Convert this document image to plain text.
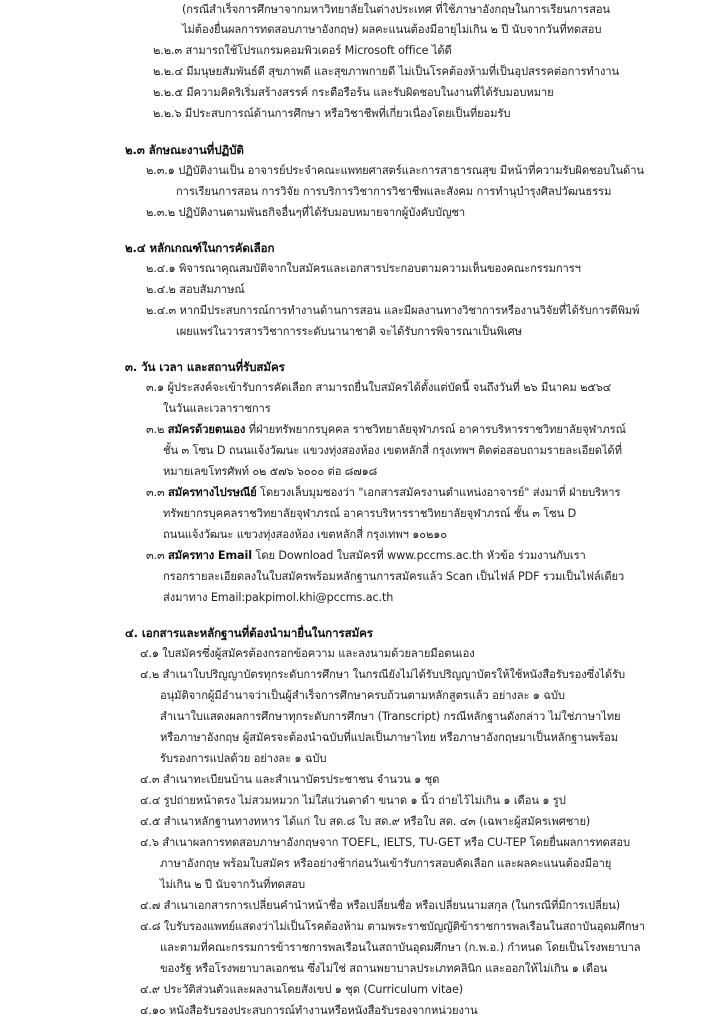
(กรณีสำเร็จการศึกษาจากมหาวิทยาลัยในต่างประเทศ ที่ใช้ภาษาอังกฤษในการเรียนการสอน
ไม่ต้องยื่นผลการทดสอบภาษาอังกฤษ) ผลคะแนนต้องมีอายุไม่เกิน ๒ ปี นับจากวันที่ทดสอบ
๒.๒.๓ สามารถใช้โปรแกรมคอมพิวเตอร์ Microsoft office ได้ดี
๒.๒.๔ มีมนุษยสัมพันธ์ดี สุขภาพดี และสุขภาพกายดี ไม่เป็นโรคต้องห้ามที่เป็นอุปสรรคต่อการทำงาน
๒.๒.๕ มีความคิดริเริ่มสร้างสรรค์ กระตือรือร้น และรับผิดชอบในงานที่ได้รับมอบหมาย
๒.๒.๖ มีประสบการณ์ด้านการศึกษา หรือวิชาชีพที่เกี่ยวเนื่องโดยเป็นที่ยอมรับ
๒.๓ ลักษณะงานที่ปฏิบัติ
๒.๓.๑ ปฏิบัติงานเป็น อาจารย์ประจำคณะแพทยศาสตร์และการสาธารณสุข มีหน้าที่ความรับผิดชอบในด้าน
การเรียนการสอน การวิจัย การบริการวิชาการวิชาชีพและสังคม การทำนุบำรุงศิลปวัฒนธรรม
๒.๓.๒ ปฏิบัติงานตามพันธกิจอื่นๆที่ได้รับมอบหมายจากผู้บังคับบัญชา
๒.๔ หลักเกณฑ์ในการคัดเลือก
๒.๔.๑ พิจารณาคุณสมบัติจากใบสมัครและเอกสารประกอบตามความเห็นของคณะกรรมการฯ
๒.๔.๒ สอบสัมภาษณ์
๒.๔.๓ หากมีประสบการณ์การทำงานด้านการสอน และมีผลงานทางวิชาการหรืองานวิจัยที่ได้รับการตีพิมพ์
เผยแพร่ในวารสารวิชาการระดับนานาชาติ จะได้รับการพิจารณาเป็นพิเศษ
๓. วัน เวลา และสถานที่รับสมัคร
๓.๑ ผู้ประสงค์จะเข้ารับการคัดเลือก สามารถยื่นใบสมัครได้ตั้งแต่บัดนี้ จนถึงวันที่ ๒๖ มีนาคม ๒๕๖๔
ในวันและเวลาราชการ
๓.๒ สมัครด้วยตนเอง ที่ฝ่ายทรัพยากรบุคคล ราชวิทยาลัยจุฬาภรณ์ อาคารบริหารราชวิทยาลัยจุฬาภรณ์
ชั้น ๓ โซน D ถนนแจ้งวัฒนะ แขวงทุ่งสองห้อง เขตหลักสี่ กรุงเทพฯ ติดต่อสอบถามรายละเอียดได้ที่
หมายเลขโทรศัพท์ ๐๒ ๕๗๖ ๖๐๐๐ ต่อ ๘๗๑๘
๓.๓ สมัครทางไปรษณีย์ โดยวงเล็บมุมซองว่า "เอกสารสมัครงานตำแหน่งอาจารย์" ส่งมาที่ ฝ่ายบริหาร
ทรัพยากรบุคคลราชวิทยาลัยจุฬาภรณ์ อาคารบริหารราชวิทยาลัยจุฬาภรณ์ ชั้น ๓ โซน D
ถนนแจ้งวัฒนะ แขวงทุ่งสองห้อง เขตหลักสี่ กรุงเทพฯ ๑๐๒๑๐
๓.๓ สมัครทาง Email โดย Download ใบสมัครที่ www.pccms.ac.th หัวข้อ ร่วมงานกับเรา
กรอกรายละเอียดลงในใบสมัครพร้อมหลักฐานการสมัครแล้ว Scan เป็นไฟล์ PDF รวมเป็นไฟล์เดียว
ส่งมาทาง Email:pakpimol.khi@pccms.ac.th
๔. เอกสารและหลักฐานที่ต้องนำมายื่นในการสมัคร
๔.๑ ใบสมัครซึ่งผู้สมัครต้องกรอกข้อความ และลงนามด้วยลายมือตนเอง
๔.๒ สำเนาใบปริญญาบัตรทุกระดับการศึกษา ในกรณียังไม่ได้รับปริญญาบัตรให้ใช้หนังสือรับรองซึ่งได้รับ
อนุมัติจากผู้มีอำนาจว่าเป็นผู้สำเร็จการศึกษาครบถ้วนตามหลักสูตรแล้ว อย่างละ ๑ ฉบับ
สำเนาใบแสดงผลการศึกษาทุกระดับการศึกษา (Transcript) กรณีหลักฐานดังกล่าว ไม่ใช่ภาษาไทย
หรือภาษาอังกฤษ ผู้สมัครจะต้องนำฉบับที่แปลเป็นภาษาไทย หรือภาษาอังกฤษมาเป็นหลักฐานพร้อม
รับรองการแปลด้วย อย่างละ ๑ ฉบับ
๔.๓ สำเนาทะเบียนบ้าน และสำเนาบัตรประชาชน จำนวน ๑ ชุด
๔.๔ รูปถ่ายหน้าตรง ไม่สวมหมวก ไม่ใส่แว่นตาดำ ขนาด ๑ นิ้ว ถ่ายไว้ไม่เกิน ๑ เดือน ๑ รูป
๔.๕ สำเนาหลักฐานทางทหาร ได้แก่ ใบ สด.๘ ใบ สด.๙ หรือใบ สด. ๔๓ (เฉพาะผู้สมัครเพศชาย)
๔.๖ สำเนาผลการทดสอบภาษาอังกฤษจาก TOEFL, IELTS, TU-GET หรือ CU-TEP โดยยื่นผลการทดสอบ
ภาษาอังกฤษ พร้อมใบสมัคร หรืออย่างช้าก่อนวันเข้ารับการสอบคัดเลือก และผลคะแนนต้องมีอายุ
ไม่เกิน ๒ ปี นับจากวันที่ทดสอบ
๔.๗ สำเนาเอกสารการเปลี่ยนคำนำหน้าชื่อ หรือเปลี่ยนชื่อ หรือเปลี่ยนนามสกุล (ในกรณีที่มีการเปลี่ยน)
๔.๘ ใบรับรองแพทย์แสดงว่าไม่เป็นโรคต้องห้าม ตามพระราชบัญญัติข้าราชการพลเรือนในสถาบันอุดมศึกษา
และตามที่คณะกรรมการข้าราชการพลเรือนในสถาบันอุดมศึกษา (ก.พ.อ.) กำหนด โดยเป็นโรงพยาบาล
ของรัฐ หรือโรงพยาบาลเอกชน ซึ่งไม่ใช่ สถานพยาบาลประเภทคลินิก และออกให้ไม่เกิน ๑ เดือน
๔.๙ ประวัติส่วนตัวและผลงานโดยสังเขป ๑ ชุด (Curriculum vitae)
๔.๑๐ หนังสือรับรองประสบการณ์ทำงานหรือหนังสือรับรองจากหน่วยงาน
